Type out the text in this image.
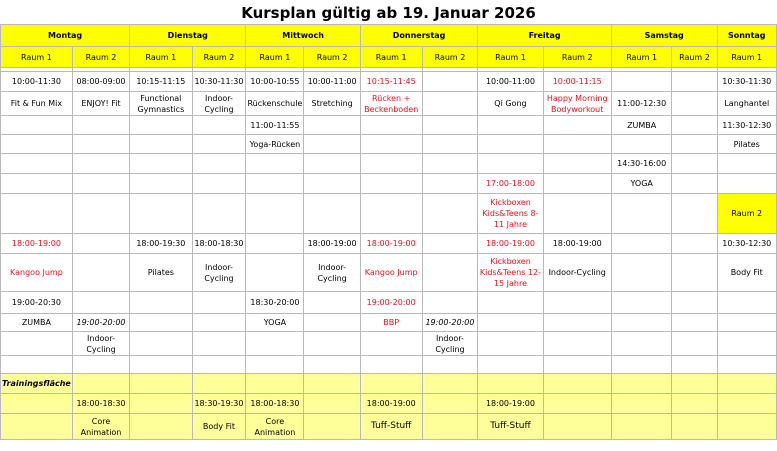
Kursplan gültig ab 19. Januar 2026
Montag		Dienstag		Mittwoch		Donnerstag		Freitag		Samstag		Sonntag
Raum 1	Raum 2	Raum 1	Raum 2	Raum 1	Raum 2	Raum 1	Raum 2	Raum 1	Raum 2	Raum 1	Raum 2	Raum 1

10:00-11:30	08:00-09:00	10:15-11:15	10:30-11:30	10:00-10:55	10:00-11:00	10:15-11:45		10:00-11:00	10:00-11:15			10:30-11:30
Fit & Fun Mix	ENJOY! Fit	Functional Gymnastics	Indoor-Cycling	Rückenschule	Stretching	Rücken + Beckenboden		Qi Gong	Happy Morning Bodyworkout	11:00-12:30		Langhantel
				11:00-11:55						ZUMBA		11:30-12:30
				Yoga-Rücken								Pilates
										14:30-16:00		
								17:00-18:00		YOGA		
								Kickboxen Kids&Teens 8-11 Jahre				Raum 2
18:00-19:00		18:00-19:30	18:00-18:30		18:00-19:00	18:00-19:00		18:00-19:00	18:00-19:00			10:30-12:30
Kangoo Jump		Pilates	Indoor-Cycling		Indoor-Cycling	Kangoo Jump		Kickboxen Kids&Teens 12-15 Jahre	Indoor-Cycling			Body Fit
19:00-20:30				18:30-20:00		19:00-20:00						
ZUMBA	19:00-20:00			YOGA		BBP	19:00-20:00					
	Indoor-Cycling						Indoor-Cycling					

Trainingsfläche												
	18:00-18:30		18:30-19:30	18:00-18:30		18:00-19:00		18:00-19:00				
	Core Animation		Body Fit	Core Animation		Tuff-Stuff		Tuff-Stuff				
